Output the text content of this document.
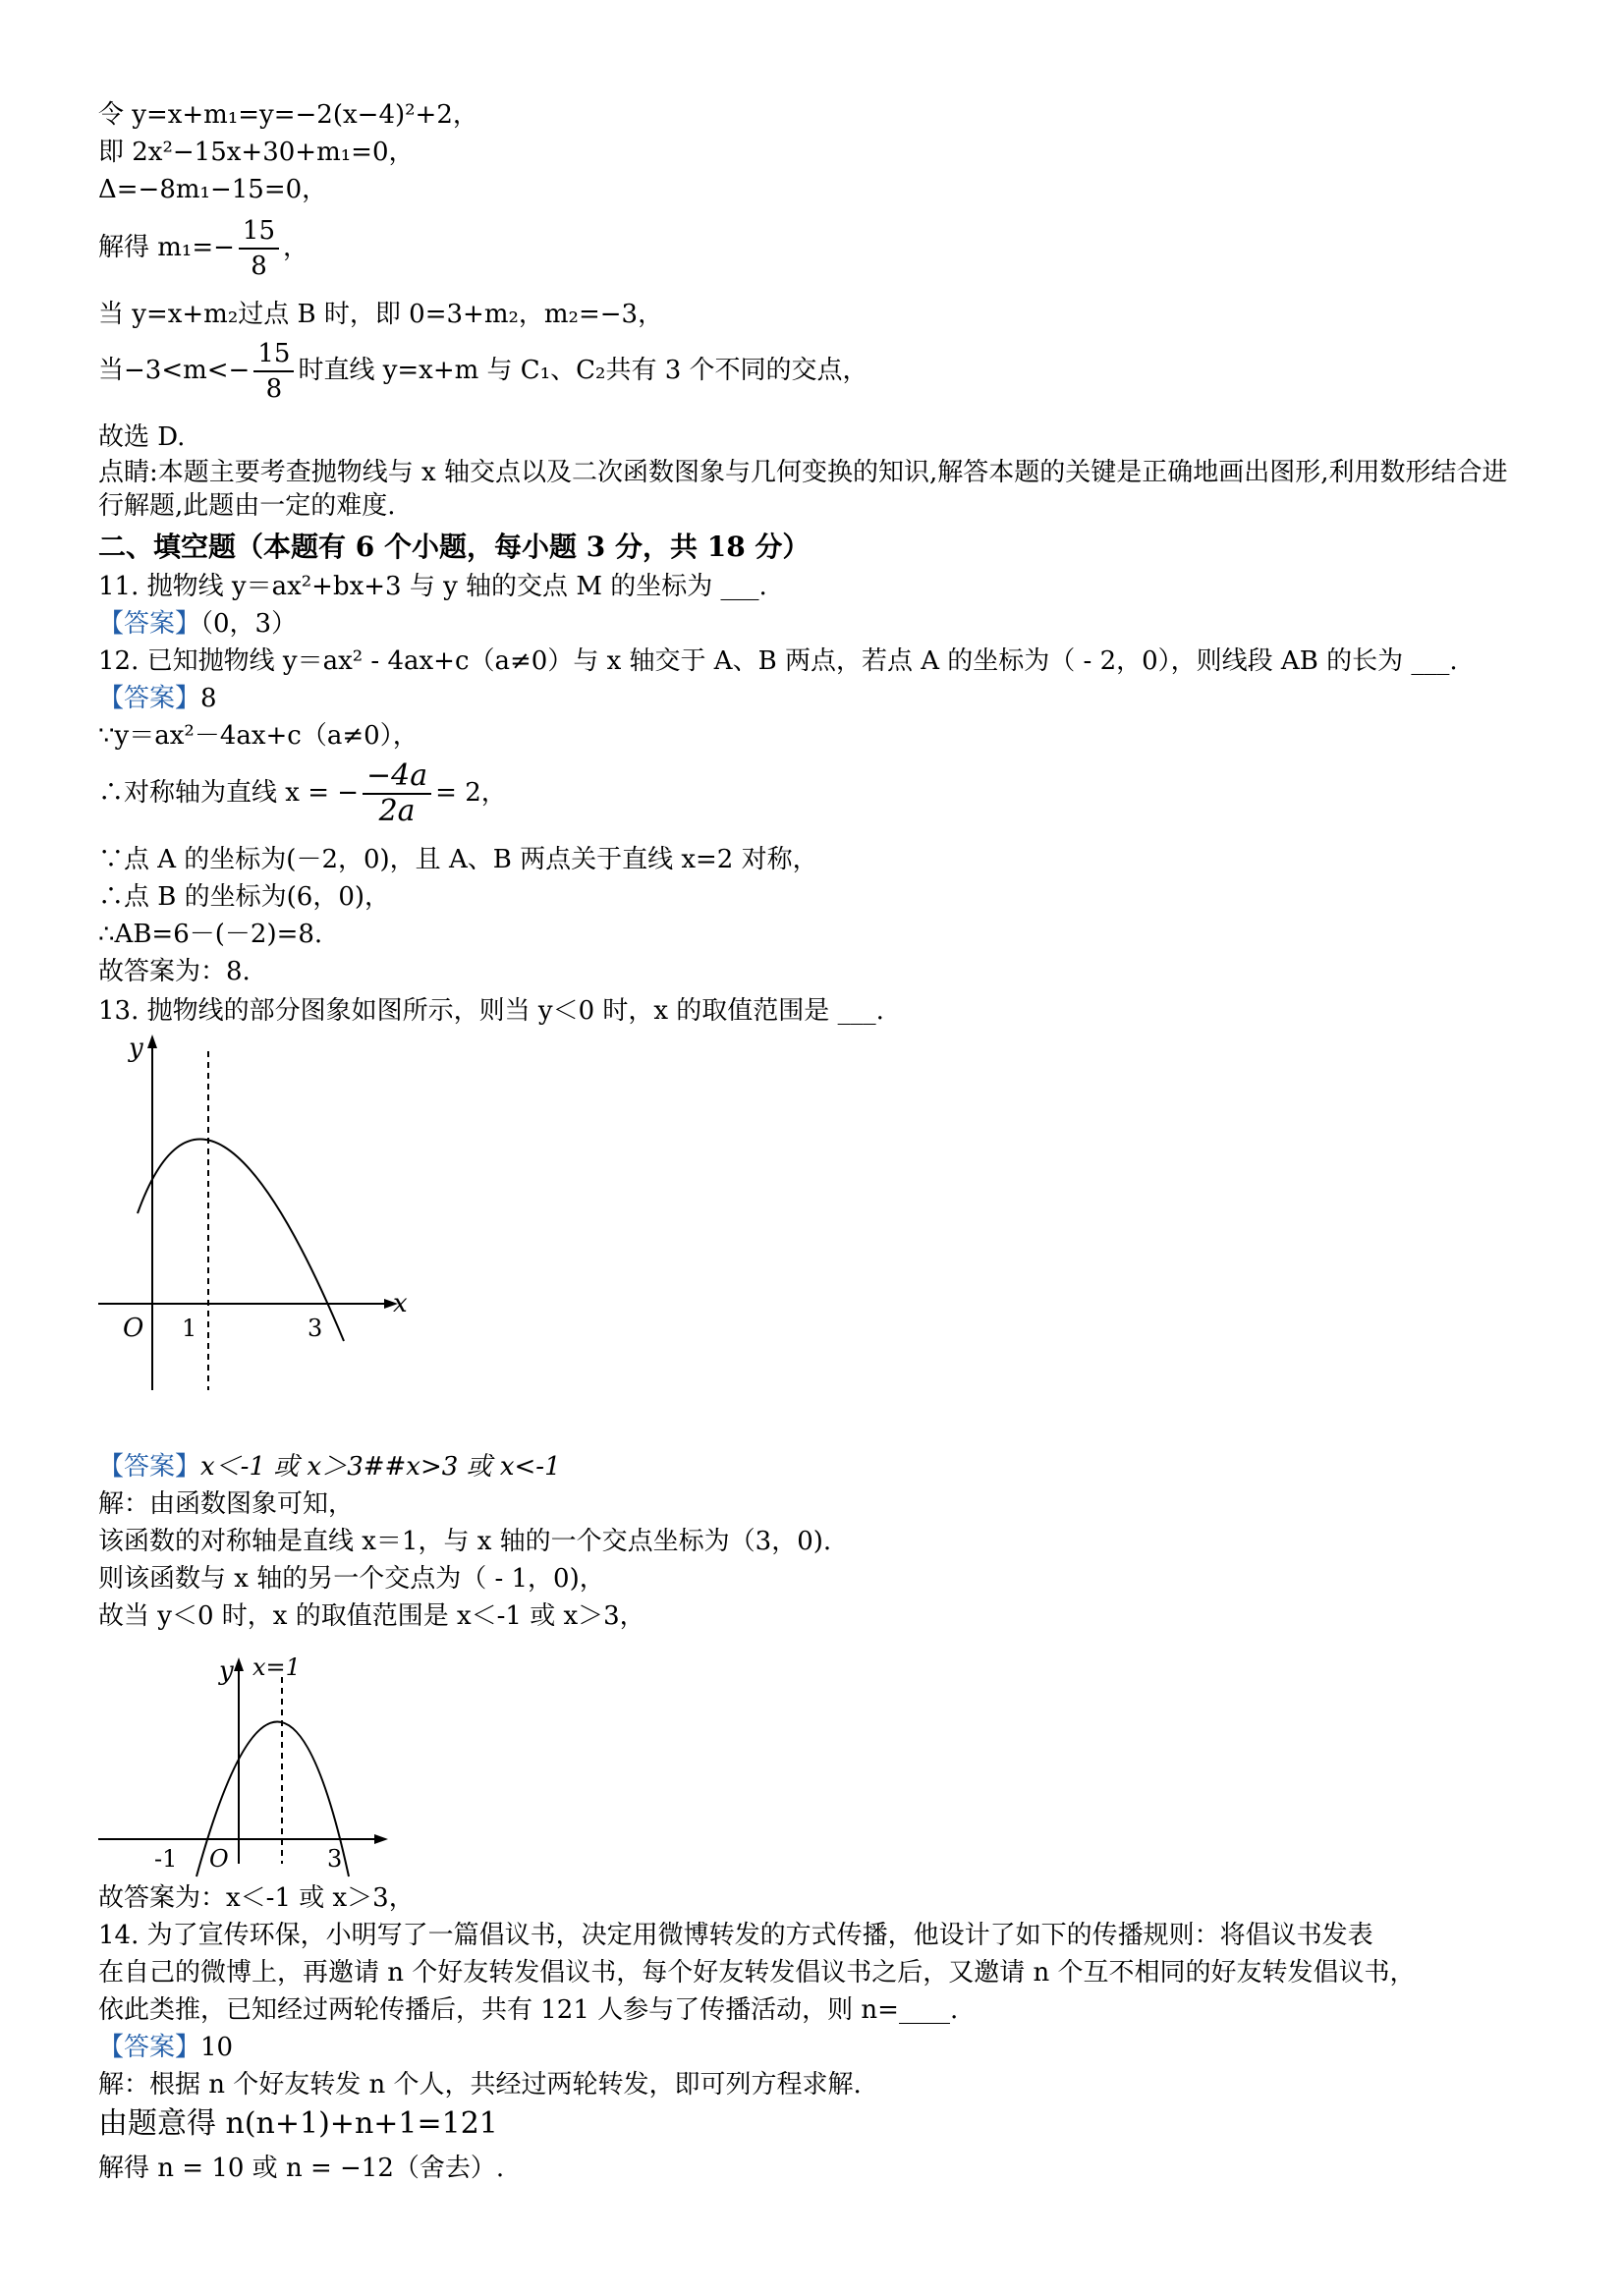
令 y=x+m₁=y=−2(x−4)²+2，
即 2x²−15x+30+m₁=0，
Δ=−8m₁−15=0，
解得 $m_1=- \frac{15}{8}$ ，
当 y=x+m₂过点 B 时，即 0=3+m₂，m₂=−3，
当$-3<m<- \frac{15}{8}$ 时直线 y=x+m 与 C₁、C₂共有 3 个不同的交点，
故选 D.
点睛:本题主要考查抛物线与 x 轴交点以及二次函数图象与几何变换的知识,解答本题的关键是正确地画出图形,利用数形结合进行解题,此题由一定的难度.
二、填空题（本题有 6 个小题，每小题 3 分，共 18 分）
11. 抛物线 y＝ax²+bx+3 与 y 轴的交点 M 的坐标为 ___.
【答案】（0，3）
12. 已知抛物线 y＝ax² - 4ax+c（a≠0）与 x 轴交于 A、B 两点，若点 A 的坐标为（ - 2，0），则线段 AB 的长为 ___.
【答案】8
∵y＝ax²－4ax+c（a≠0），
∴对称轴为直线 x = − $\frac{-4a}{2a} = 2$，
∵点 A 的坐标为(－2，0)，且 A、B 两点关于直线 x=2 对称，
∴点 B 的坐标为(6，0)，
∴AB=6－(－2)=8.
故答案为：8.
13. 抛物线的部分图象如图所示，则当 y＜0 时，x 的取值范围是 ___.
y
x
O 1	3
【答案】x＜-1 或 x＞3##x>3 或 x<-1
解：由函数图象可知，
该函数的对称轴是直线 x＝1，与 x 轴的一个交点坐标为（3，0).
则该函数与 x 轴的另一个交点为（ - 1，0)，
故当 y＜0 时，x 的取值范围是 x＜-1 或 x＞3，
y x=1
O
-1	3
故答案为：x＜-1 或 x＞3，
14. 为了宣传环保，小明写了一篇倡议书，决定用微博转发的方式传播，他设计了如下的传播规则：将倡议书发表
在自己的微博上，再邀请 n 个好友转发倡议书，每个好友转发倡议书之后，又邀请 n 个互不相同的好友转发倡议书，
依此类推，已知经过两轮传播后，共有 121 人参与了传播活动，则 n=____.
【答案】10
解：根据 n 个好友转发 n 个人，共经过两轮转发，即可列方程求解.
由题意得 n(n+1)+n+1=121
解得 n = 10 或 n = −12（舍去）.
